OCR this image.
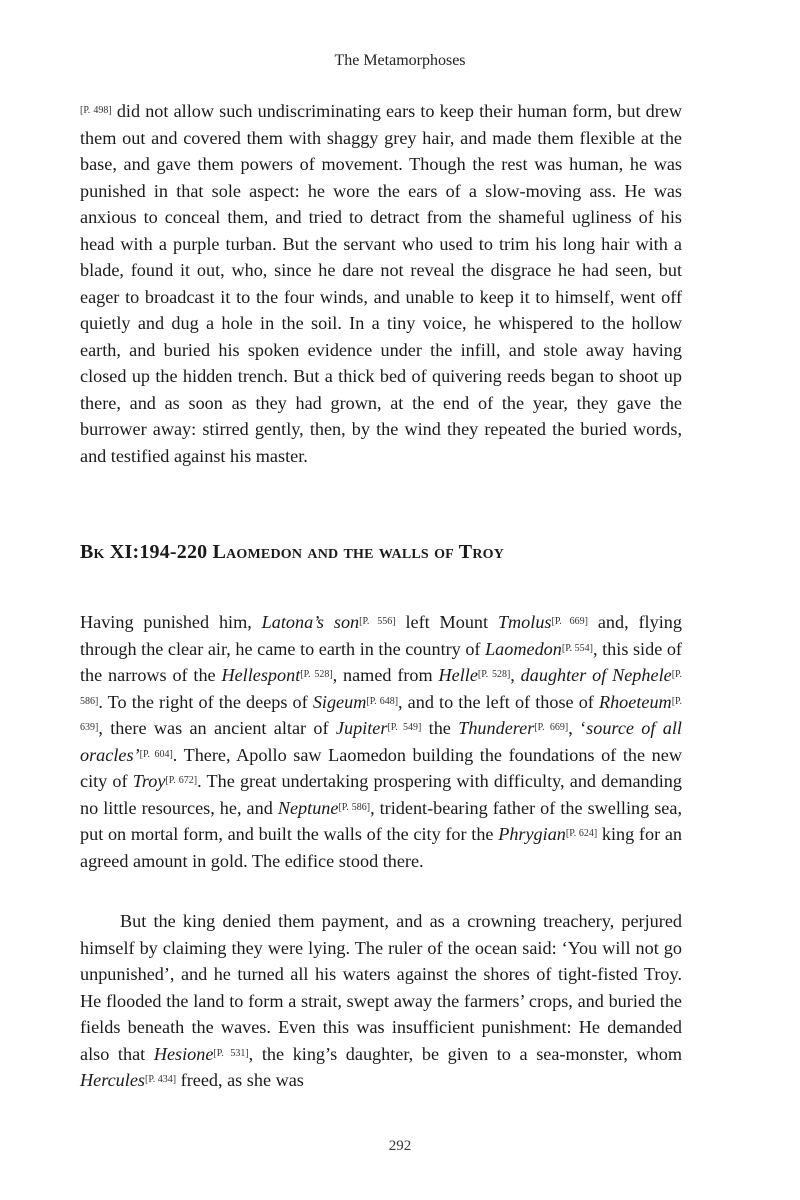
The Metamorphoses
[P. 498] did not allow such undiscriminating ears to keep their human form, but drew them out and covered them with shaggy grey hair, and made them flexible at the base, and gave them powers of movement. Though the rest was human, he was punished in that sole aspect: he wore the ears of a slow-moving ass. He was anxious to conceal them, and tried to detract from the shameful ugliness of his head with a purple turban. But the servant who used to trim his long hair with a blade, found it out, who, since he dare not reveal the disgrace he had seen, but eager to broadcast it to the four winds, and unable to keep it to himself, went off quietly and dug a hole in the soil. In a tiny voice, he whispered to the hollow earth, and buried his spoken evidence under the infill, and stole away having closed up the hidden trench. But a thick bed of quivering reeds began to shoot up there, and as soon as they had grown, at the end of the year, they gave the burrower away: stirred gently, then, by the wind they repeated the buried words, and testified against his master.
Bk XI:194-220 Laomedon and the walls of Troy
Having punished him, Latona’s son[P. 556] left Mount Tmolus[P. 669] and, flying through the clear air, he came to earth in the country of Laomedon[P. 554], this side of the narrows of the Hellespont[P. 528], named from Helle[P. 528], daughter of Nephele[P. 586]. To the right of the deeps of Sigeum[P. 648], and to the left of those of Rhoeteum[P. 639], there was an ancient altar of Jupiter[P. 549] the Thunderer[P. 669], ‘source of all oracles’[P. 604]. There, Apollo saw Laomedon building the foundations of the new city of Troy[P. 672]. The great undertaking prospering with difficulty, and demanding no little resources, he, and Neptune[P. 586], trident-bearing father of the swelling sea, put on mortal form, and built the walls of the city for the Phrygian[P. 624] king for an agreed amount in gold. The edifice stood there.
But the king denied them payment, and as a crowning treachery, perjured himself by claiming they were lying. The ruler of the ocean said: ‘You will not go unpunished’, and he turned all his waters against the shores of tight-fisted Troy. He flooded the land to form a strait, swept away the farmers’ crops, and buried the fields beneath the waves. Even this was insufficient punishment: He demanded also that Hesione[P. 531], the king’s daughter, be given to a sea-monster, whom Hercules[P. 434] freed, as she was
292
